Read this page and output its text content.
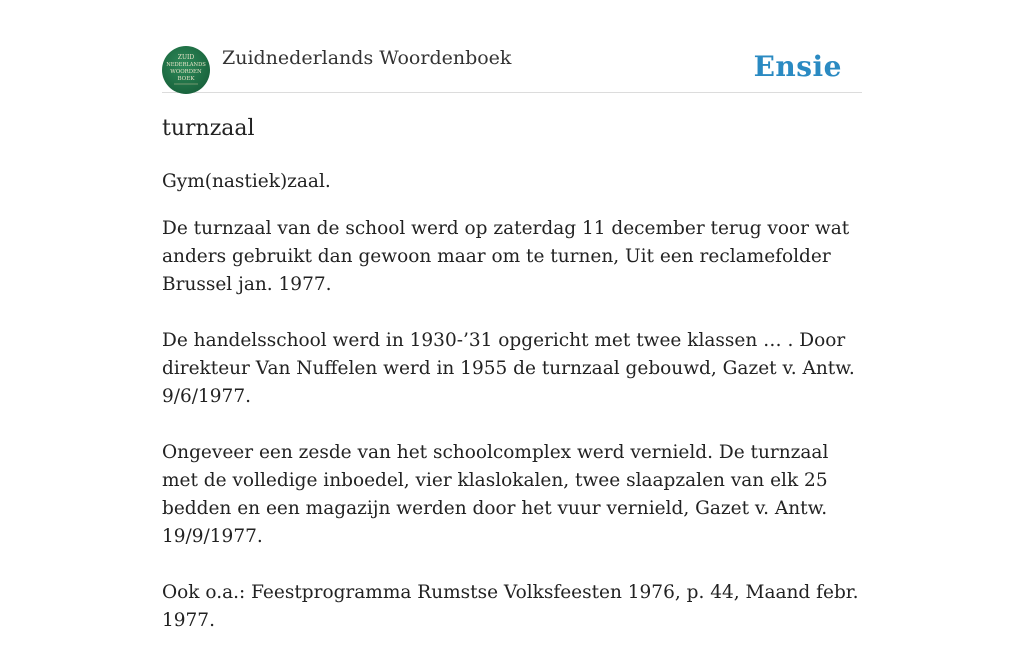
ZUID
NEDERLANDS
WOORDEN
BOEK
Zuidnederlands Woordenboek	Ensie
turnzaal

Gym(nastiek)zaal.

De turnzaal van de school werd op zaterdag 11 december terug voor wat anders gebruikt dan gewoon maar om te turnen, Uit een reclamefolder Brussel jan. 1977.

De handelsschool werd in 1930-’31 opgericht met twee klassen … . Door direkteur Van Nuffelen werd in 1955 de turnzaal gebouwd, Gazet v. Antw. 9/6/1977.

Ongeveer een zesde van het schoolcomplex werd vernield. De turnzaal met de volledige inboedel, vier klaslokalen, twee slaapzalen van elk 25 bedden en een magazijn werden door het vuur vernield, Gazet v. Antw. 19/9/1977.

Ook o.a.: Feestprogramma Rumstse Volksfeesten 1976, p. 44, Maand febr. 1977.
